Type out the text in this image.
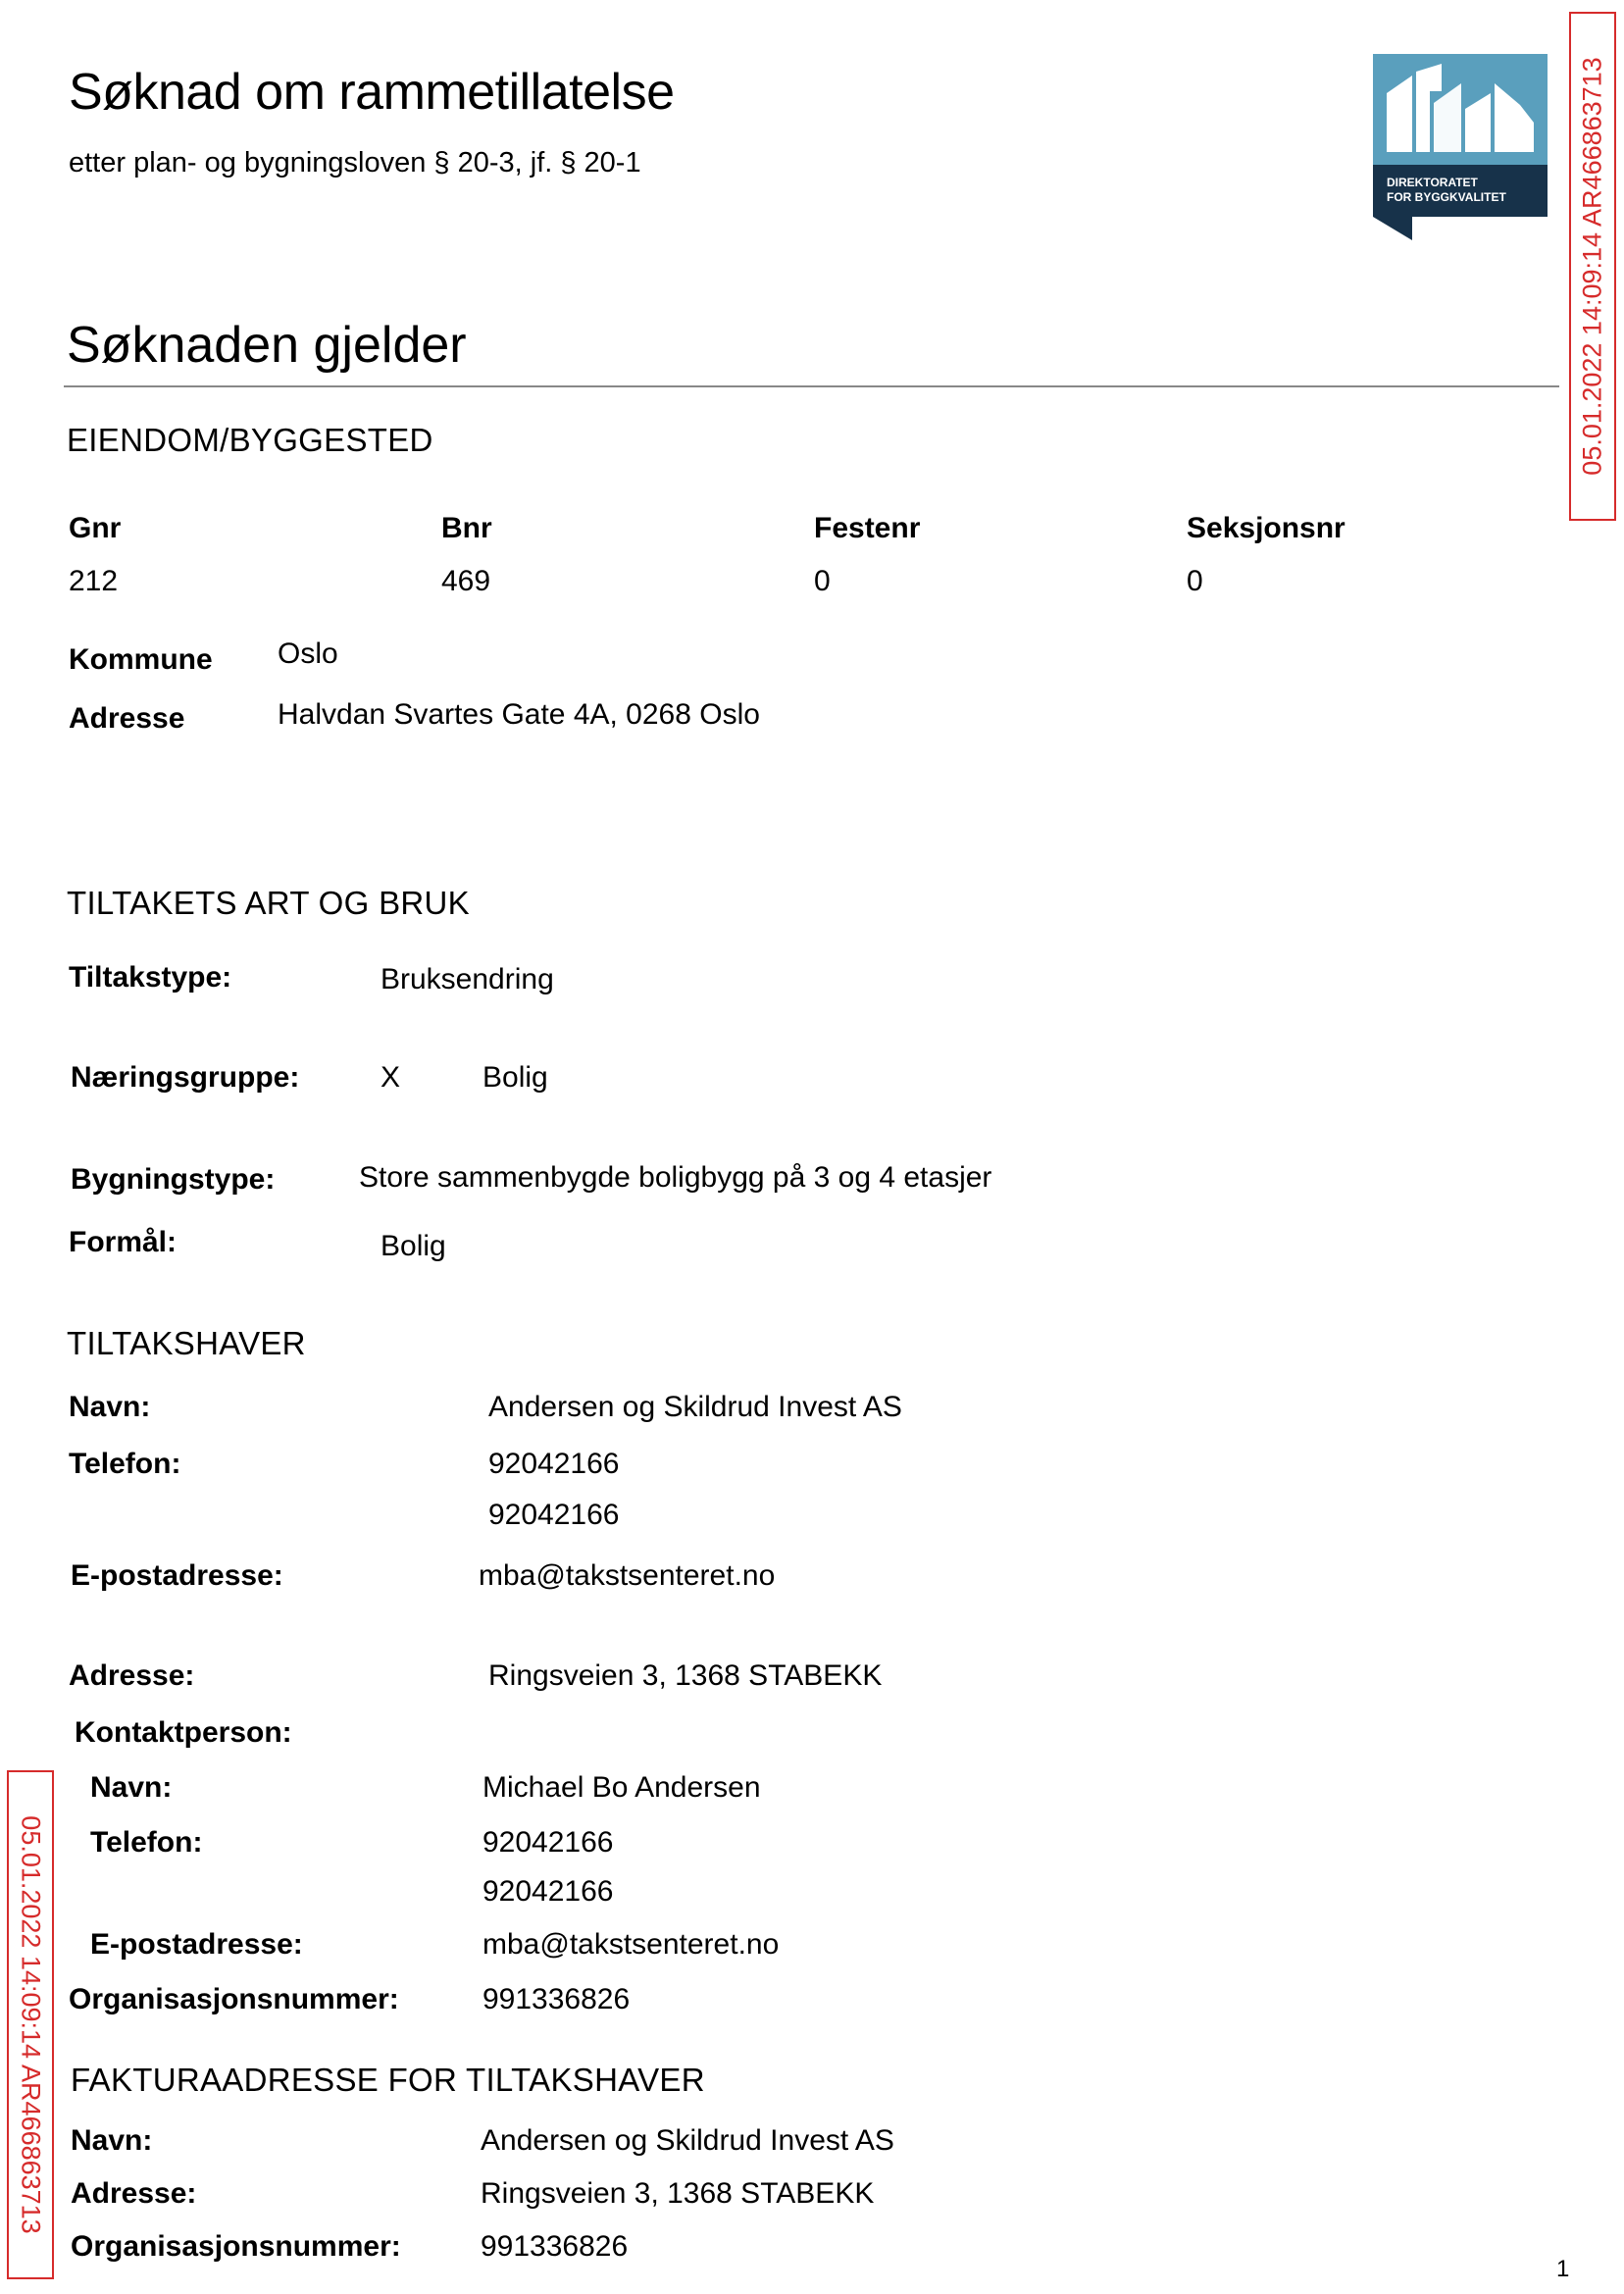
Søknad om rammetillatelse
etter plan- og bygningsloven § 20-3, jf. § 20-1
DIREKTORATET
FOR BYGGKVALITET	05.01.2022 14:09:14 AR466863713
05.01.2022 14:09:14 AR466863713
Søknaden gjelder
EIENDOM/BYGGESTED
Gnr	Bnr	Festenr	Seksjonsnr
212	469	0	0
Kommune Oslo
Adresse	Halvdan Svartes Gate 4A, 0268 Oslo
TILTAKETS ART OG BRUK
Tiltakstype:	Bruksendring
Næringsgruppe:	X	Bolig
Bygningstype:	Store sammenbygde boligbygg på 3 og 4 etasjer
Formål:	Bolig
TILTAKSHAVER
Navn:	Andersen og Skildrud Invest AS
Telefon:	92042166
92042166
E-postadresse:	mba@takstsenteret.no
Adresse:	Ringsveien 3, 1368 STABEKK
Kontaktperson:
Navn:	Michael Bo Andersen
Telefon:	92042166
92042166
E-postadresse:	mba@takstsenteret.no
Organisasjonsnummer:	991336826
FAKTURAADRESSE FOR TILTAKSHAVER
Navn:	Andersen og Skildrud Invest AS
Adresse:	Ringsveien 3, 1368 STABEKK
Organisasjonsnummer:	991336826
1
